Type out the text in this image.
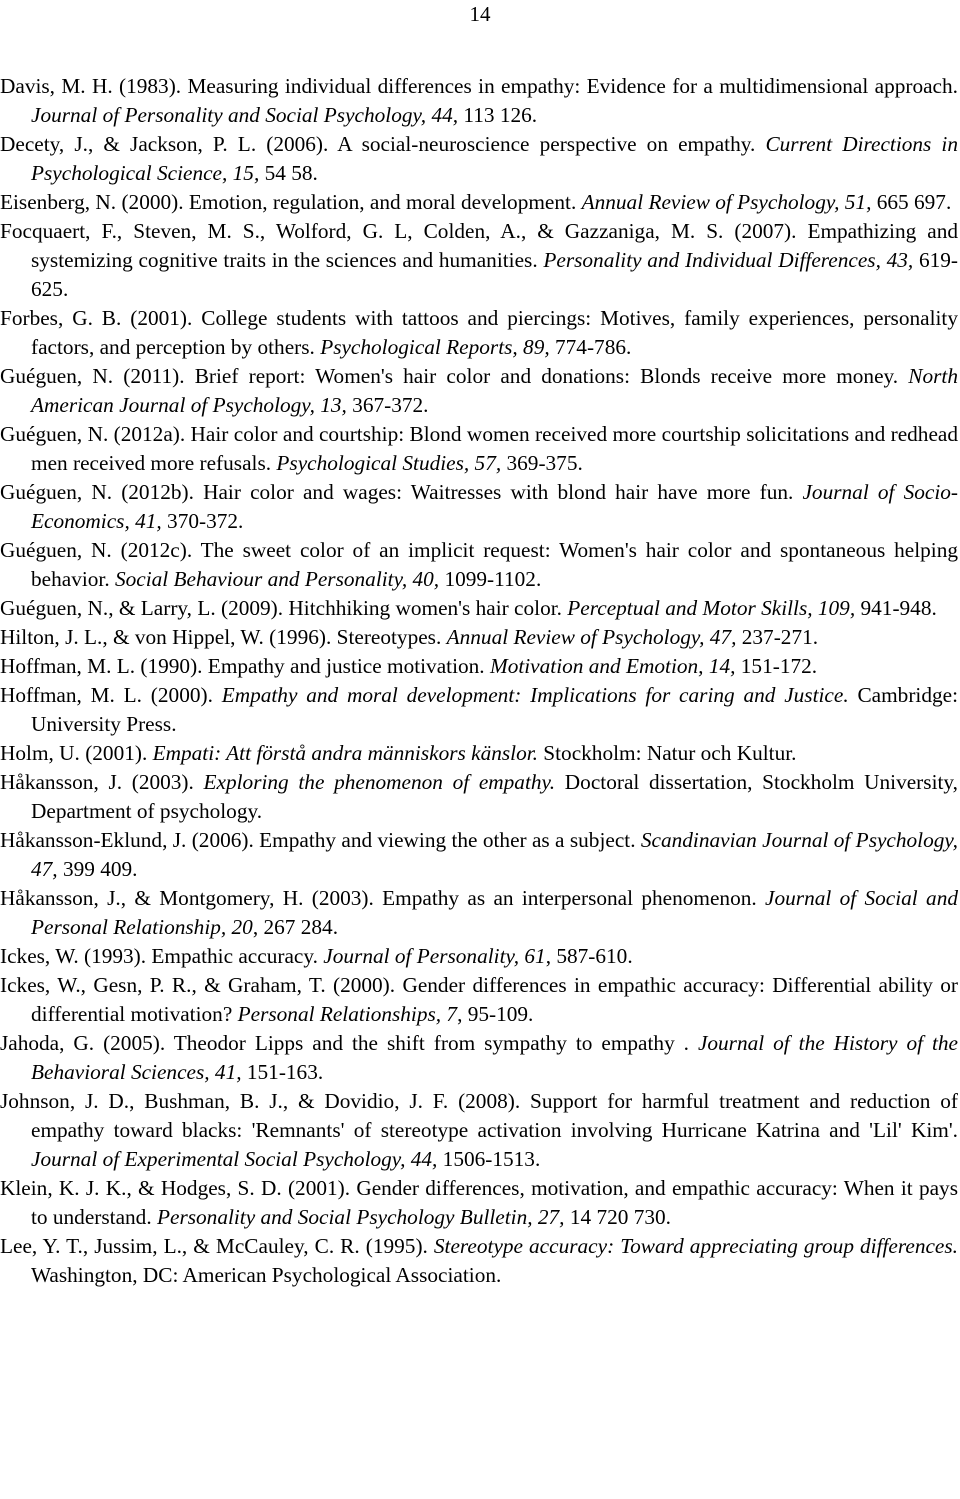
14

Davis, M. H. (1983). Measuring individual differences in empathy: Evidence for a multidimensional approach. Journal of Personality and Social Psychology, 44, 113 126.

Decety, J., & Jackson, P. L. (2006). A social-neuroscience perspective on empathy. Current Directions in Psychological Science, 15, 54 58.

Eisenberg, N. (2000). Emotion, regulation, and moral development. Annual Review of Psychology, 51, 665 697.

Focquaert, F., Steven, M. S., Wolford, G. L, Colden, A., & Gazzaniga, M. S. (2007). Empathizing and systemizing cognitive traits in the sciences and humanities. Personality and Individual Differences, 43, 619-625.

Forbes, G. B. (2001). College students with tattoos and piercings: Motives, family experiences, personality factors, and perception by others. Psychological Reports, 89, 774-786.

Guéguen, N. (2011). Brief report: Women's hair color and donations: Blonds receive more money. North American Journal of Psychology, 13, 367-372.

Guéguen, N. (2012a). Hair color and courtship: Blond women received more courtship solicitations and redhead men received more refusals. Psychological Studies, 57, 369-375.

Guéguen, N. (2012b). Hair color and wages: Waitresses with blond hair have more fun. Journal of Socio-Economics, 41, 370-372.

Guéguen, N. (2012c). The sweet color of an implicit request: Women's hair color and spontaneous helping behavior. Social Behaviour and Personality, 40, 1099-1102.

Guéguen, N., & Larry, L. (2009). Hitchhiking women's hair color. Perceptual and Motor Skills, 109, 941-948.

Hilton, J. L., & von Hippel, W. (1996). Stereotypes. Annual Review of Psychology, 47, 237-271.

Hoffman, M. L. (1990). Empathy and justice motivation. Motivation and Emotion, 14, 151-172.

Hoffman, M. L. (2000). Empathy and moral development: Implications for caring and Justice. Cambridge: University Press.

Holm, U. (2001). Empati: Att förstå andra människors känslor. Stockholm: Natur och Kultur.

Håkansson, J. (2003). Exploring the phenomenon of empathy. Doctoral dissertation, Stockholm University, Department of psychology.

Håkansson-Eklund, J. (2006). Empathy and viewing the other as a subject. Scandinavian Journal of Psychology, 47, 399 409.

Håkansson, J., & Montgomery, H. (2003). Empathy as an interpersonal phenomenon. Journal of Social and Personal Relationship, 20, 267 284.

Ickes, W. (1993). Empathic accuracy. Journal of Personality, 61, 587-610.

Ickes, W., Gesn, P. R., & Graham, T. (2000). Gender differences in empathic accuracy: Differential ability or differential motivation? Personal Relationships, 7, 95-109.

Jahoda, G. (2005). Theodor Lipps and the shift from sympathy to empathy . Journal of the History of the Behavioral Sciences, 41, 151-163.

Johnson, J. D., Bushman, B. J., & Dovidio, J. F. (2008). Support for harmful treatment and reduction of empathy toward blacks: 'Remnants' of stereotype activation involving Hurricane Katrina and 'Lil' Kim'. Journal of Experimental Social Psychology, 44, 1506-1513.

Klein, K. J. K., & Hodges, S. D. (2001). Gender differences, motivation, and empathic accuracy: When it pays to understand. Personality and Social Psychology Bulletin, 27, 14 720 730.

Lee, Y. T., Jussim, L., & McCauley, C. R. (1995). Stereotype accuracy: Toward appreciating group differences. Washington, DC: American Psychological Association.
